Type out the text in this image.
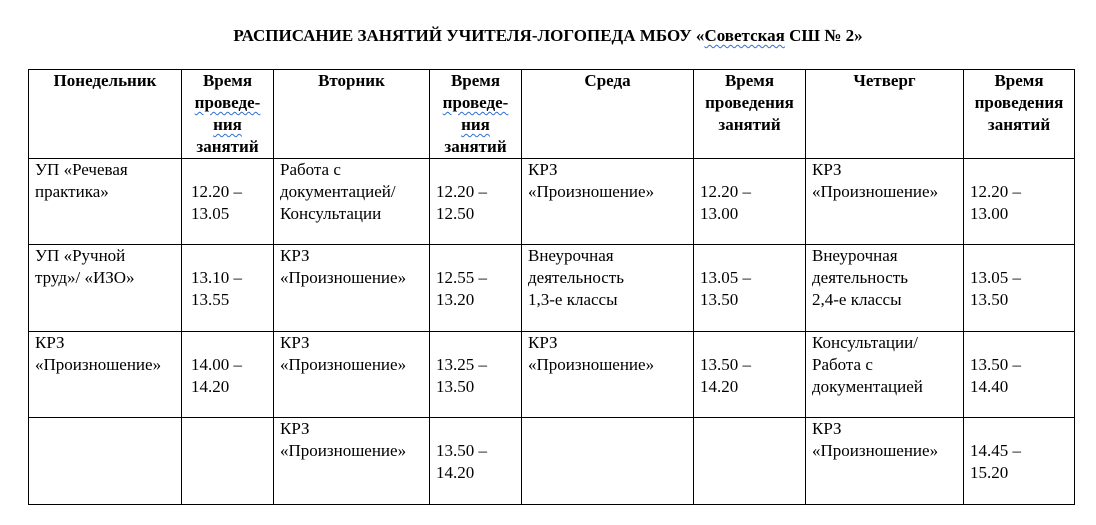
РАСПИСАНИЕ ЗАНЯТИЙ УЧИТЕЛЯ-ЛОГОПЕДА МБОУ «Советская СШ № 2»
Понедельник	Время
проведе-
ния
занятий	Вторник	Время
проведе-
ния
занятий	Среда	Время
проведения
занятий	Четверг	Время
проведения
занятий
УП «Речевая
практика»	12.20 –
13.05	Работа с
документацией/
Консультации	12.20 –
12.50	КРЗ
«Произношение»	12.20 –
13.00	КРЗ
«Произношение»	12.20 –
13.00
УП «Ручной
труд»/ «ИЗО»	13.10 –
13.55	КРЗ
«Произношение»	12.55 –
13.20	Внеурочная
деятельность
1,3-е классы	13.05 –
13.50	Внеурочная
деятельность
2,4-е классы	13.05 –
13.50
КРЗ
«Произношение»	14.00 –
14.20	КРЗ
«Произношение»	13.25 –
13.50	КРЗ
«Произношение»	13.50 –
14.20	Консультации/
Работа с
документацией	13.50 –
14.40
		КРЗ
«Произношение»	13.50 –
14.20			КРЗ
«Произношение»	14.45 –
15.20
